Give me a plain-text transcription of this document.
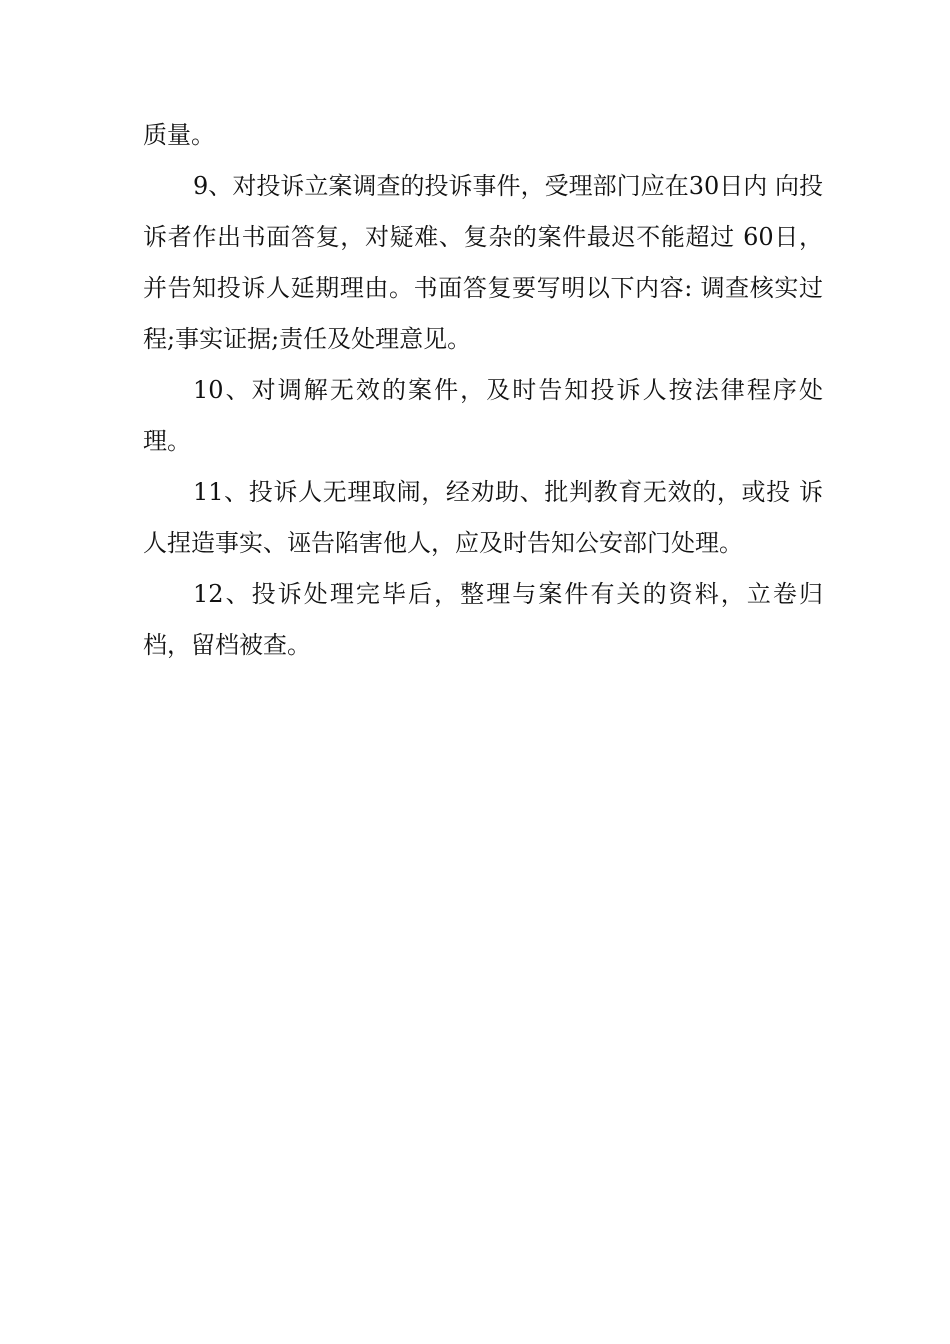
质量。

9、对投诉立案调查的投诉事件，受理部门应在30日内 向投诉者作出书面答复，对疑难、复杂的案件最迟不能超过 60日，并告知投诉人延期理由。书面答复要写明以下内容: 调查核实过程;事实证据;责任及处理意见。

10、对调解无效的案件，及时告知投诉人按法律程序处理。

11、投诉人无理取闹，经劝助、批判教育无效的，或投 诉人捏造事实、诬告陷害他人，应及时告知公安部门处理。

12、投诉处理完毕后，整理与案件有关的资料，立卷归档，留档被查。
